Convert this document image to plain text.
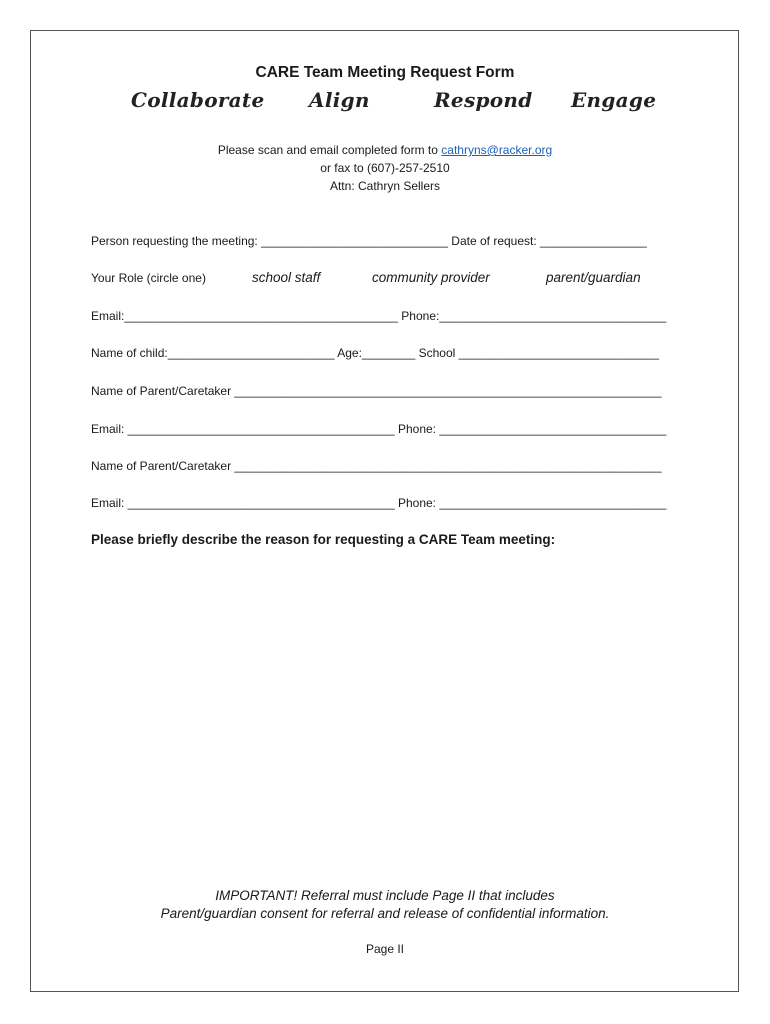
CARE Team Meeting Request Form
Collaborate Align	Respond Engage
Please scan and email completed form to cathryns@racker.org
or fax to (607)-257-2510
Attn: Cathryn Sellers
Person requesting the meeting: ____________________________ Date of request: ________________
Your Role (circle one)	school staff	community provider	parent/guardian
Email:_________________________________________ Phone:__________________________________
Name of child:_________________________ Age:________ School ______________________________
Name of Parent/Caretaker ________________________________________________________________
Email: ________________________________________ Phone: __________________________________
Name of Parent/Caretaker ________________________________________________________________
Email: ________________________________________ Phone: __________________________________
Please briefly describe the reason for requesting a CARE Team meeting:
IMPORTANT! Referral must include Page II that includes
Parent/guardian consent for referral and release of confidential information.
Page II
